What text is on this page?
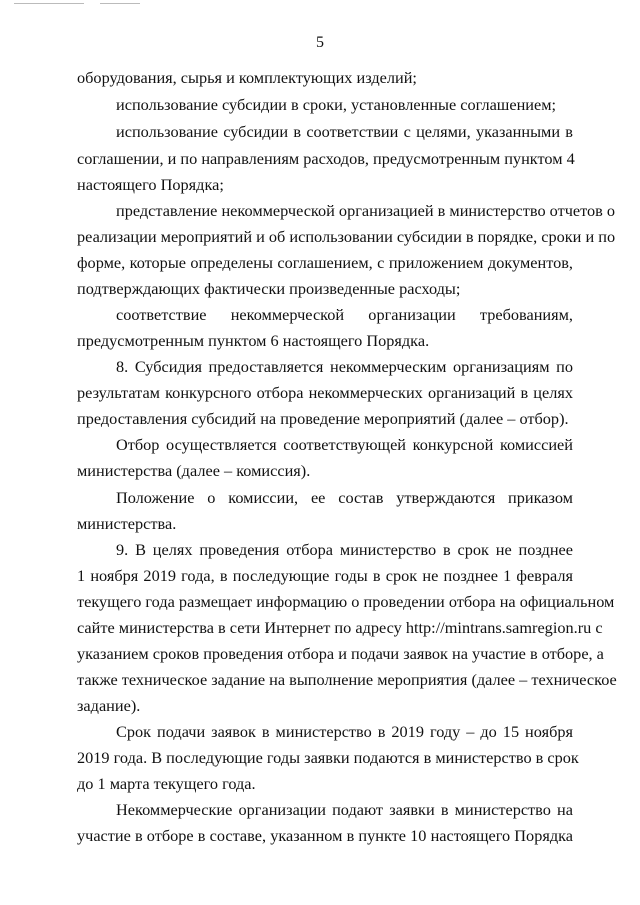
5
оборудования, сырья и комплектующих изделий;
использование субсидии в сроки, установленные соглашением;
использование субсидии в соответствии с целями, указанными в
соглашении, и по направлениям расходов, предусмотренным пунктом 4
настоящего Порядка;
представление некоммерческой организацией в министерство отчетов о
реализации мероприятий и об использовании субсидии в порядке, сроки и по
форме, которые определены соглашением, с приложением документов,
подтверждающих фактически произведенные расходы;
соответствие некоммерческой организации требованиям,
предусмотренным пунктом 6 настоящего Порядка.
8. Субсидия предоставляется некоммерческим организациям по
результатам конкурсного отбора некоммерческих организаций в целях
предоставления субсидий на проведение мероприятий (далее – отбор).
Отбор осуществляется соответствующей конкурсной комиссией
министерства (далее – комиссия).
Положение о комиссии, ее состав утверждаются приказом
министерства.
9. В целях проведения отбора министерство в срок не позднее
1 ноября 2019 года, в последующие годы в срок не позднее 1 февраля
текущего года размещает информацию о проведении отбора на официальном
сайте министерства в сети Интернет по адресу http://mintrans.samregion.ru с
указанием сроков проведения отбора и подачи заявок на участие в отборе, а
также техническое задание на выполнение мероприятия (далее – техническое
задание).
Срок подачи заявок в министерство в 2019 году – до 15 ноября
2019 года. В последующие годы заявки подаются в министерство в срок
до 1 марта текущего года.
Некоммерческие организации подают заявки в министерство на
участие в отборе в составе, указанном в пункте 10 настоящего Порядка
